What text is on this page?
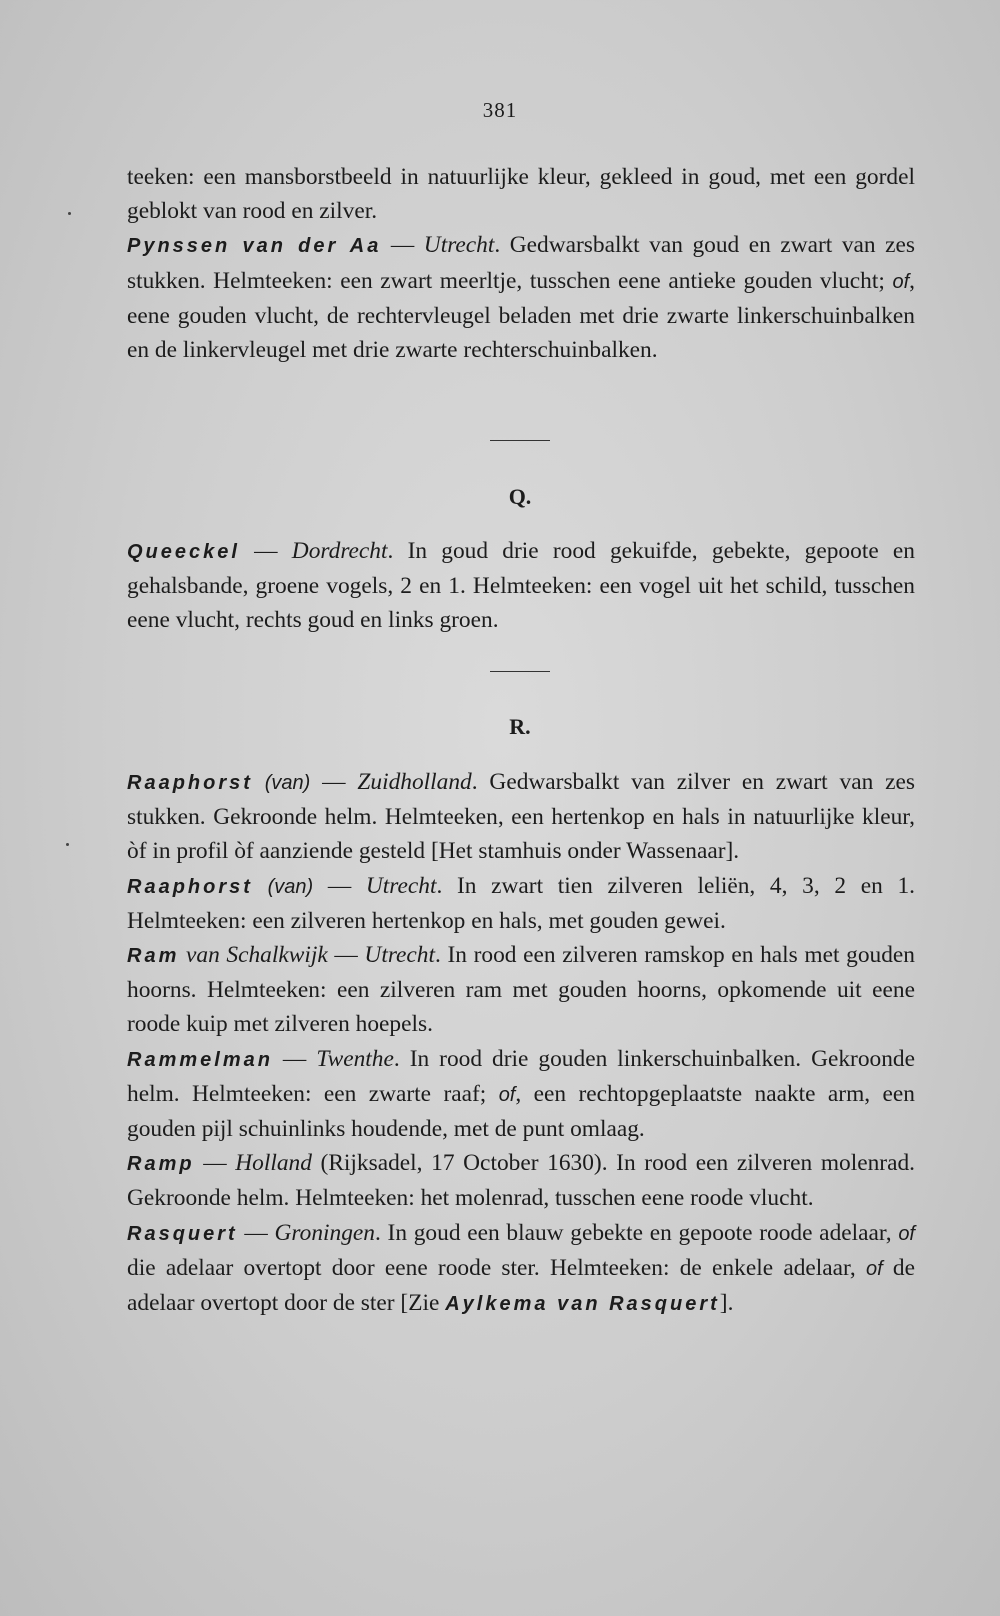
381

teeken: een mansborstbeeld in natuurlijke kleur, gekleed in goud, met een gordel geblokt van rood en zilver.

Pynssen van der Aa — Utrecht. Gedwarsbalkt van goud en zwart van zes stukken. Helmteeken: een zwart meerltje, tusschen eene antieke gouden vlucht; of, eene gouden vlucht, de rechtervleugel beladen met drie zwarte linkerschuinbalken en de linkervleugel met drie zwarte rechterschuinbalken.

Q.

Queeckel — Dordrecht. In goud drie rood gekuifde, gebekte, gepoote en gehalsbande, groene vogels, 2 en 1. Helmteeken: een vogel uit het schild, tusschen eene vlucht, rechts goud en links groen.

R.

Raaphorst (van) — Zuidholland. Gedwarsbalkt van zilver en zwart van zes stukken. Gekroonde helm. Helmteeken, een hertenkop en hals in natuurlijke kleur, òf in profil òf aanziende gesteld [Het stamhuis onder Wassenaar].

Raaphorst (van) — Utrecht. In zwart tien zilveren leliën, 4, 3, 2 en 1. Helmteeken: een zilveren hertenkop en hals, met gouden gewei.

Ram van Schalkwijk — Utrecht. In rood een zilveren ramskop en hals met gouden hoorns. Helmteeken: een zilveren ram met gouden hoorns, opkomende uit eene roode kuip met zilveren hoepels.

Rammelman — Twenthe. In rood drie gouden linkerschuinbalken. Gekroonde helm. Helmteeken: een zwarte raaf; of, een rechtopgeplaatste naakte arm, een gouden pijl schuinlinks houdende, met de punt omlaag.

Ramp — Holland (Rijksadel, 17 October 1630). In rood een zilveren molenrad. Gekroonde helm. Helmteeken: het molenrad, tusschen eene roode vlucht.

Rasquert — Groningen. In goud een blauw gebekte en gepoote roode adelaar, of die adelaar overtopt door eene roode ster. Helmteeken: de enkele adelaar, of de adelaar overtopt door de ster [Zie Aylkema van Rasquert].
